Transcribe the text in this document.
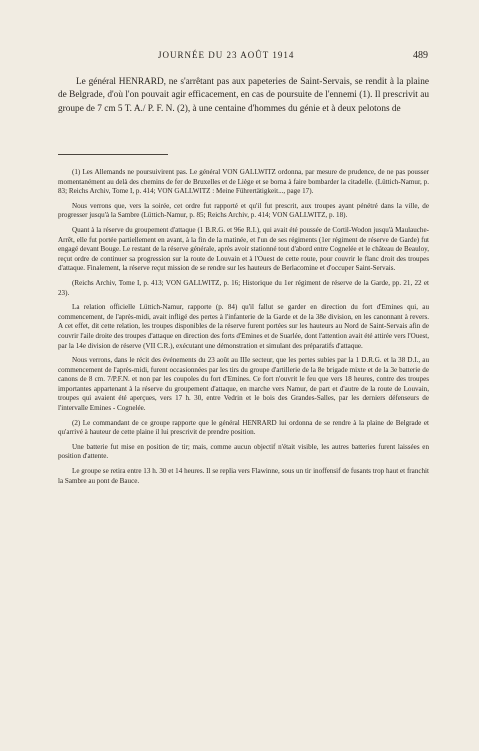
JOURNÉE DU 23 AOÛT 1914	489

Le général HENRARD, ne s'arrêtant pas aux papeteries de Saint-Servais, se rendit à la plaine de Belgrade, d'où l'on pouvait agir efficacement, en cas de poursuite de l'ennemi (1). Il prescrivit au groupe de 7 cm 5 T. A./ P. F. N. (2), à une centaine d'hommes du génie et à deux pelotons de

(1) Les Allemands ne poursuivirent pas. Le général VON GALLWITZ ordonna, par mesure de prudence, de ne pas pousser momentanément au delà des chemins de fer de Bruxelles et de Liège et se borna à faire bombarder la citadelle. (Lüttich-Namur, p. 83; Reichs Archiv, Tome I, p. 414; VON GALLWITZ : Meine Führertätigkeit..., page 17).

Nous verrons que, vers la soirée, cet ordre fut rapporté et qu'il fut prescrit, aux troupes ayant pénétré dans la ville, de progresser jusqu'à la Sambre (Lüttich-Namur, p. 85; Reichs Archiv, p. 414; VON GALLWITZ, p. 18).

Quant à la réserve du groupement d'attaque (1 B.R.G. et 96e R.I.), qui avait été poussée de Cortil-Wodon jusqu'à Maulauche-Arrêt, elle fut portée partiellement en avant, à la fin de la matinée, et l'un de ses régiments (1er régiment de réserve de Garde) fut engagé devant Bouge. Le restant de la réserve générale, après avoir stationné tout d'abord entre Cognelée et le château de Beauloy, reçut ordre de continuer sa progression sur la route de Louvain et à l'Ouest de cette route, pour couvrir le flanc droit des troupes d'attaque. Finalement, la réserve reçut mission de se rendre sur les hauteurs de Berlacomine et d'occuper Saint-Servais.

(Reichs Archiv, Tome I, p. 413; VON GALLWITZ, p. 16; Historique du 1er régiment de réserve de la Garde, pp. 21, 22 et 23).

La relation officielle Lüttich-Namur, rapporte (p. 84) qu'il fallut se garder en direction du fort d'Emines qui, au commencement, de l'après-midi, avait infligé des pertes à l'infanterie de la Garde et de la 38e division, en les canonnant à revers. A cet effet, dit cette relation, les troupes disponibles de la réserve furent portées sur les hauteurs au Nord de Saint-Servais afin de couvrir l'aile droite des troupes d'attaque en direction des forts d'Emines et de Suarlée, dont l'attention avait été attirée vers l'Ouest, par la 14e division de réserve (VII C.R.), exécutant une démonstration et simulant des préparatifs d'attaque.

Nous verrons, dans le récit des événements du 23 août au IIIe secteur, que les pertes subies par la 1 D.R.G. et la 38 D.I., au commencement de l'après-midi, furent occasionnées par les tirs du groupe d'artillerie de la 8e brigade mixte et de la 3e batterie de canons de 8 cm. 7/P.F.N. et non par les coupoles du fort d'Emines. Ce fort n'ouvrit le feu que vers 18 heures, contre des troupes importantes appartenant à la réserve du groupement d'attaque, en marche vers Namur, de part et d'autre de la route de Louvain, troupes qui avaient été aperçues, vers 17 h. 30, entre Vedrin et le bois des Grandes-Salles, par les derniers défenseurs de l'intervalle Emines - Cognelée.

(2) Le commandant de ce groupe rapporte que le général HENRARD lui ordonna de se rendre à la plaine de Belgrade et qu'arrivé à hauteur de cette plaine il lui prescrivit de prendre position.

Une batterie fut mise en position de tir; mais, comme aucun objectif n'était visible, les autres batteries furent laissées en position d'attente.

Le groupe se retira entre 13 h. 30 et 14 heures. Il se replia vers Flawinne, sous un tir inoffensif de fusants trop haut et franchit la Sambre au pont de Bauce.
